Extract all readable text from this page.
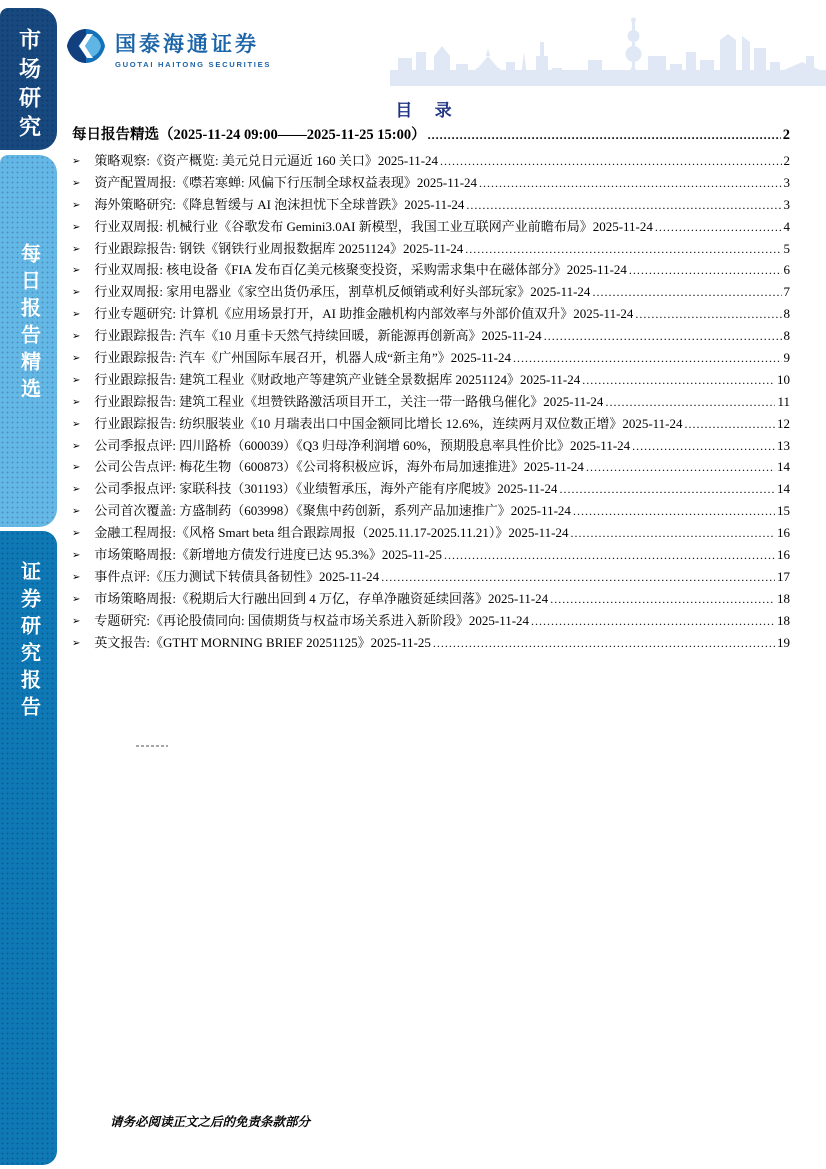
市场研究
每日报告精选
证券研究报告
国泰海通证券
GUOTAI HAITONG SECURITIES
目 录
每日报告精选（2025-11-24 09:00——2025-11-25 15:00） .....	2
➢ 策略观察:《资产概览: 美元兑日元逼近 160 关口》2025-11-24 .....	2
➢ 资产配置周报:《噤若寒蝉: 风偏下行压制全球权益表现》2025-11-24 .....	3
➢ 海外策略研究:《降息暂缓与 AI 泡沫担忧下全球普跌》2025-11-24 .....	3
➢ 行业双周报: 机械行业《谷歌发布 Gemini3.0AI 新模型，我国工业互联网产业前瞻布局》2025-11-24 .....	4
➢ 行业跟踪报告: 钢铁《钢铁行业周报数据库 20251124》2025-11-24 .....	5
➢ 行业双周报: 核电设备《FIA 发布百亿美元核聚变投资，采购需求集中在磁体部分》2025-11-24 .....	6
➢ 行业双周报: 家用电器业《家空出货仍承压，割草机反倾销或利好头部玩家》2025-11-24 .....	7
➢ 行业专题研究: 计算机《应用场景打开，AI 助推金融机构内部效率与外部价值双升》2025-11-24 .....	8
➢ 行业跟踪报告: 汽车《10 月重卡天然气持续回暖，新能源再创新高》2025-11-24 .....	8
➢ 行业跟踪报告: 汽车《广州国际车展召开，机器人成“新主角”》2025-11-24 .....	9
➢ 行业跟踪报告: 建筑工程业《财政地产等建筑产业链全景数据库 20251124》2025-11-24 .....	10
➢ 行业跟踪报告: 建筑工程业《坦赞铁路激活项目开工，关注一带一路俄乌催化》2025-11-24 .....	11
➢ 行业跟踪报告: 纺织服装业《10 月瑞表出口中国金额同比增长 12.6%，连续两月双位数正增》2025-11-24 .....	12
➢ 公司季报点评: 四川路桥（600039）《Q3 归母净利润增 60%，预期股息率具性价比》2025-11-24 .....	13
➢ 公司公告点评: 梅花生物（600873）《公司将积极应诉，海外布局加速推进》2025-11-24 .....	14
➢ 公司季报点评: 家联科技（301193）《业绩暂承压，海外产能有序爬坡》2025-11-24 .....	14
➢ 公司首次覆盖: 方盛制药（603998）《聚焦中药创新，系列产品加速推广》2025-11-24 .....	15
➢ 金融工程周报:《风格 Smart beta 组合跟踪周报（2025.11.17-2025.11.21）》2025-11-24 .....	16
➢ 市场策略周报:《新增地方债发行进度已达 95.3%》2025-11-25 .....	16
➢ 事件点评:《压力测试下转债具备韧性》2025-11-24 .....	17
➢ 市场策略周报:《税期后大行融出回到 4 万亿，存单净融资延续回落》2025-11-24 .....	18
➢ 专题研究:《再论股债同向: 国债期货与权益市场关系进入新阶段》2025-11-24 .....	18
➢ 英文报告:《GTHT MORNING BRIEF 20251125》2025-11-25 .....	19
请务必阅读正文之后的免责条款部分
